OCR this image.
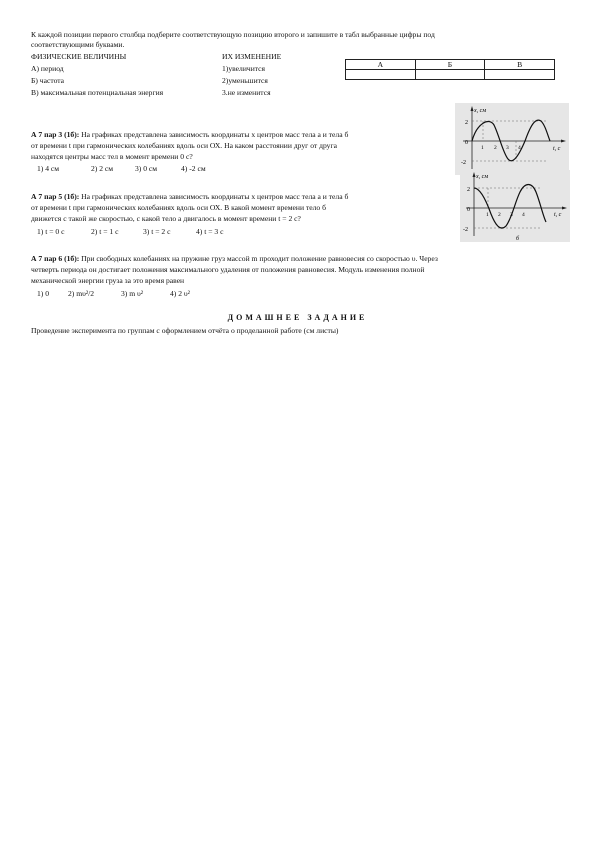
К каждой позиции первого столбца подберите соответствующую позицию второго и запишите в табл выбранные цифры под
соответствующими буквами.
ФИЗИЧЕСКИЕ ВЕЛИЧИНЫ	ИХ ИЗМЕНЕНИЕ
А) период	1)увеличится
Б) частота	2)уменьшится
В) максимальная потенциальная энергия	3.не изменится
А	Б	В

А 7 пар 3 (1б): На графиках представлена зависимость координаты х центров масс тела а и тела б
от времени t при гармонических колебаниях вдоль оси ОХ. На каком расстоянии друг от друга
находятся центры масс тел в момент времени 0 с?
1) 4 см	2) 2 см	3) 0 см	4) -2 см
А 7 пар 5 (1б): На графиках представлена зависимость координаты х центров масс тела а и тела б
от времени t при гармонических колебаниях вдоль оси ОХ. В какой момент времени тело б
движется с такой же скоростью, с какой тело а двигалось в момент времени t = 2 с?
1) t = 0 с	2) t = 1 с	3) t = 2 с	4) t = 3 с
А 7 пар 6 (1б): При свободных колебаниях на пружине груз массой m проходит положение равновесия со скоростью υ. Через
четверть периода он достигает положения максимального удаления от положения равновесия. Модуль изменения полной
механической энергии груза за это время равен
1) 0 2) mυ²/2	3) m υ²	4) 2 υ²
ДОМАШНЕЕ ЗАДАНИЕ
Проведение эксперимента по группам с оформлением отчёта о проделанной работе (см листы)
x, см
t, с
2
0
-2
1 2 3 4
x, см
t, с
2
0
-2
1 2 3 4
б
